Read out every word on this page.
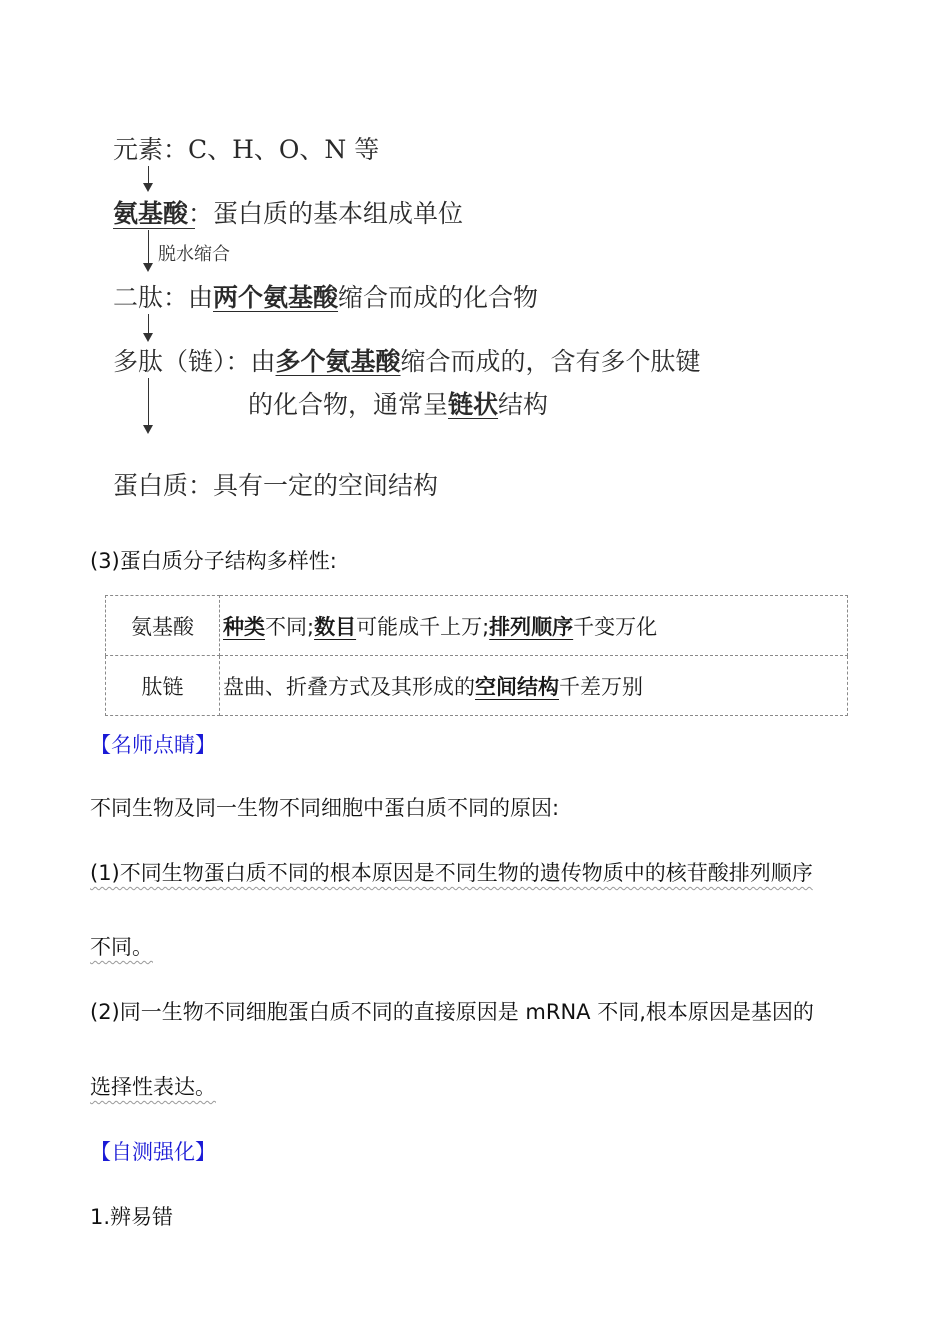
元素：C、H、O、N 等
氨基酸：蛋白质的基本组成单位
脱水缩合
二肽：由两个氨基酸缩合而成的化合物
多肽（链）：由多个氨基酸缩合而成的，含有多个肽键
的化合物，通常呈链状结构
蛋白质：具有一定的空间结构
(3)蛋白质分子结构多样性:
氨基酸	种类不同;数目可能成千上万;排列顺序千变万化
肽链	盘曲、折叠方式及其形成的空间结构千差万别
【名师点睛】
不同生物及同一生物不同细胞中蛋白质不同的原因:
(1)不同生物蛋白质不同的根本原因是不同生物的遗传物质中的核苷酸排列顺序
不同。
(2)同一生物不同细胞蛋白质不同的直接原因是 mRNA 不同,根本原因是基因的
选择性表达。
【自测强化】
1.辨易错
